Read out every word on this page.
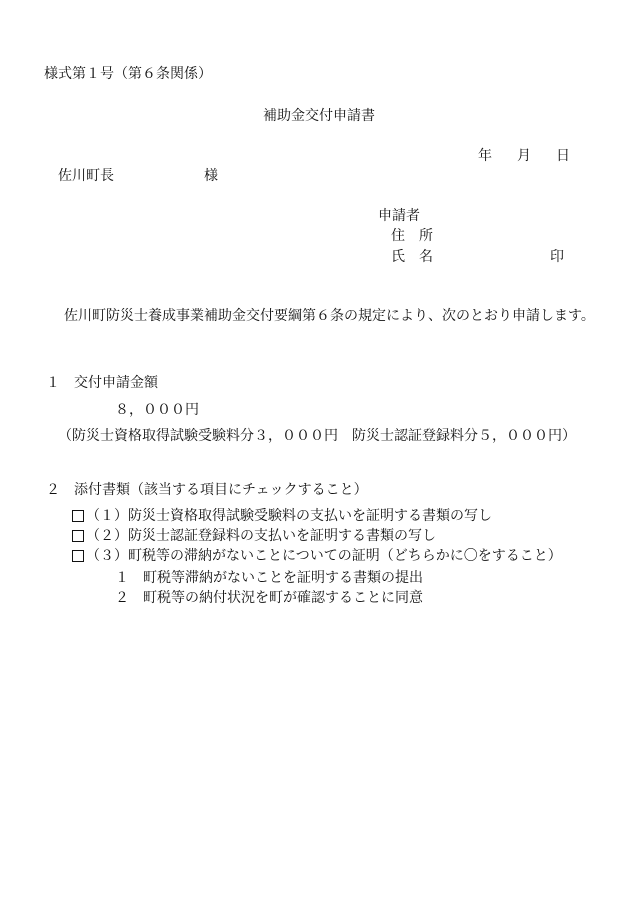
様式第１号（第６条関係）
補助金交付申請書
年 月 日
佐川町長	様
申請者
住　所
氏　名	印
佐川町防災士養成事業補助金交付要綱第６条の規定により、次のとおり申請します。
１　交付申請金額
８，０００円
（防災士資格取得試験受験料分３，０００円　防災士認証登録料分５，０００円）
２　添付書類（該当する項目にチェックすること）
（１）防災士資格取得試験受験料の支払いを証明する書類の写し
（２）防災士認証登録料の支払いを証明する書類の写し
（３）町税等の滞納がないことについての証明（どちらかに〇をすること）
１　町税等滞納がないことを証明する書類の提出
２　町税等の納付状況を町が確認することに同意
